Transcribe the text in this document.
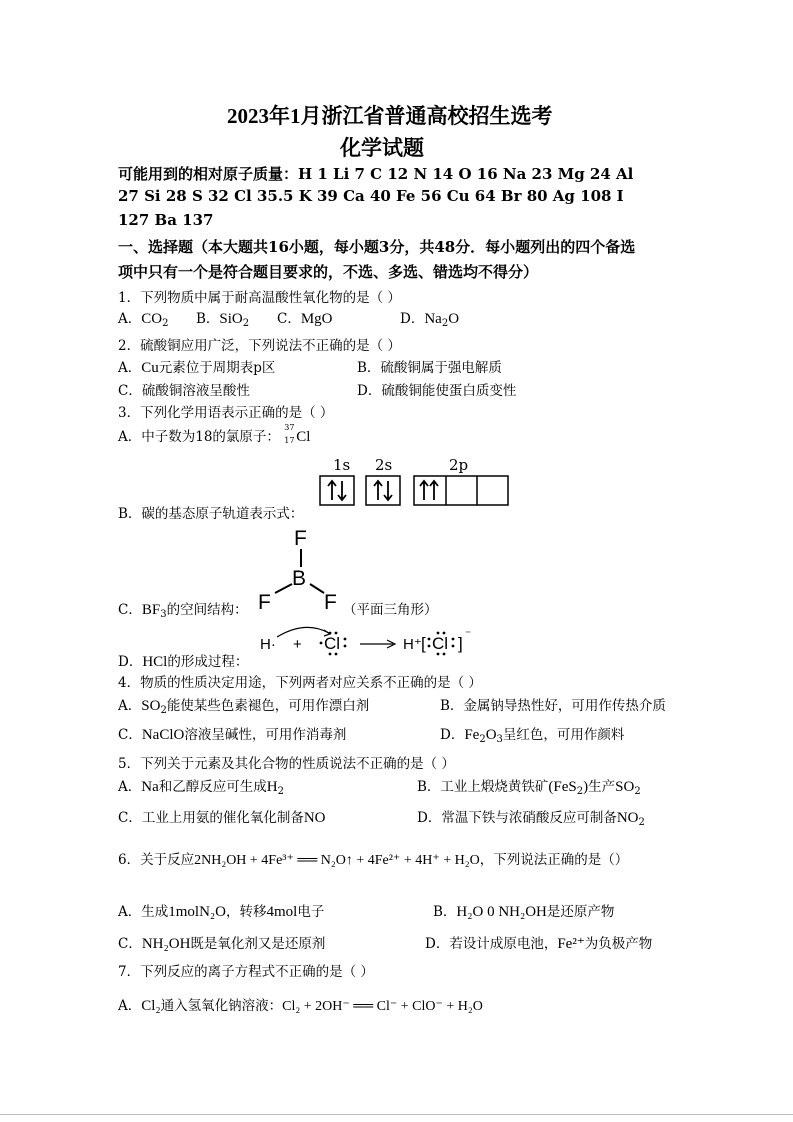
2023年1月浙江省普通高校招生选考
化学试题
可能用到的相对原子质量：H 1 Li 7 C 12 N 14 O 16 Na 23 Mg 24 Al
27 Si 28 S 32 Cl 35.5 K 39 Ca 40 Fe 56 Cu 64 Br 80 Ag 108 I
127 Ba 137
一、选择题（本大题共16小题，每小题3分，共48分．每小题列出的四个备选
项中只有一个是符合题目要求的，不选、多选、错选均不得分）
1．下列物质中属于耐高温酸性氧化物的是（ ）
A．$CO_2$ B．SiO$_2$ C．MgO	D．$Na_2O$
2．硫酸铜应用广泛，下列说法不正确的是（ ）
A．Cu元素位于周期表p区	B．硫酸铜属于强电解质
C．硫酸铜溶液呈酸性	D．硫酸铜能使蛋白质变性
3．下列化学用语表示正确的是（ ）
A．中子数为18的氯原子：
37
17 Cl
1s 2s	2p
B．碳的基态原子轨道表示式：
F
B
F	F
C．$BF_3$的空间结构：	（平面三角形）
H· + Cl	H⁺ [ Cl ] ⁻
D．HCl的形成过程：
4．物质的性质决定用途，下列两者对应关系不正确的是（ ）
A．$SO_2$能使某些色素褪色，可用作漂白剂	B．金属钠导热性好，可用作传热介质
C．NaClO溶液呈碱性，可用作消毒剂	D．$Fe_2O_3$呈红色，可用作颜料
5．下列关于元素及其化合物的性质说法不正确的是（ ）
A．Na和乙醇反应可生成$H_2$	B．工业上煅烧黄铁矿(FeS$_2$)生产$SO_2$
C．工业上用氨的催化氧化制备NO	D．常温下铁与浓硝酸反应可制备$NO_2$
6．关于反应2NH₂OH + 4Fe³⁺ ══ N₂O↑ + 4Fe²⁺ + 4H⁺ + H₂O，下列说法正确的是（）
A．生成1molN₂O，转移4mol电子	B．H₂O 0 NH₂OH是还原产物
C．NH₂OH既是氧化剂又是还原剂	D．若设计成原电池，Fe²⁺为负极产物
7．下列反应的离子方程式不正确的是（ ）
A．Cl₂通入氢氧化钠溶液：Cl₂ + 2OH⁻ ══ Cl⁻ + ClO⁻ + H₂O
